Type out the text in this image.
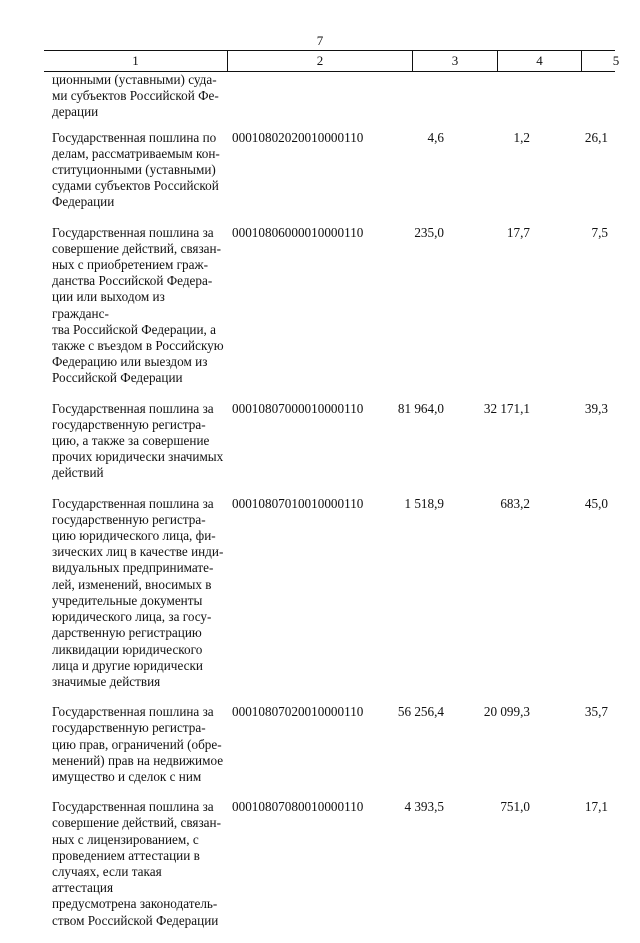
7
1	2	3	4	5
ционными (уставными) суда-
ми субъектов Российской Фе-
дерации
Государственная пошлина по
делам, рассматриваемым кон-
ституционными (уставными)
судами субъектов Российской
Федерации
00010802020010000110	4,6	1,2	26,1
Государственная пошлина за
совершение действий, связан-
ных с приобретением граж-
данства Российской Федера-
ции или выходом из гражданс-
тва Российской Федерации, а
также с въездом в Российскую
Федерацию или выездом из
Российской Федерации
00010806000010000110	235,0	17,7	7,5
Государственная пошлина за
государственную регистра-
цию, а также за совершение
прочих юридически значимых
действий
00010807000010000110	81 964,0	32 171,1	39,3
Государственная пошлина за
государственную регистра-
цию юридического лица, фи-
зических лиц в качестве инди-
видуальных предпринимате-
лей, изменений, вносимых в
учредительные документы
юридического лица, за госу-
дарственную регистрацию
ликвидации юридического
лица и другие юридически
значимые действия
00010807010010000110	1 518,9	683,2	45,0
Государственная пошлина за
государственную регистра-
цию прав, ограничений (обре-
менений) прав на недвижимое
имущество и сделок с ним
00010807020010000110	56 256,4	20 099,3	35,7
Государственная пошлина за
совершение действий, связан-
ных с лицензированием, с
проведением аттестации в
случаях, если такая аттестация
предусмотрена законодатель-
ством Российской Федерации
00010807080010000110	4 393,5	751,0	17,1
